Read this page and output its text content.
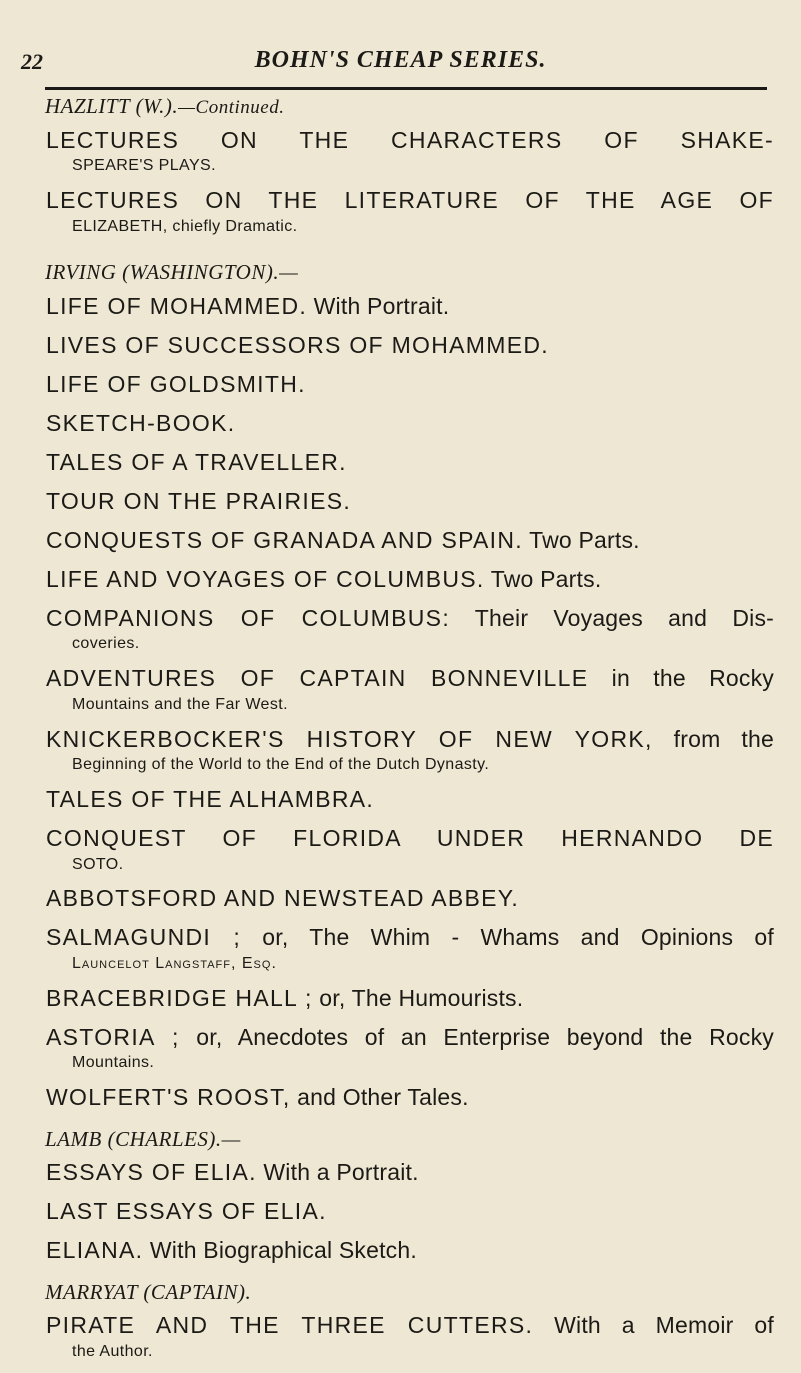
22	BOHN'S CHEAP SERIES.
HAZLITT (W.).—Continued.
LECTURES ON THE CHARACTERS OF SHAKE-
SPEARE'S PLAYS.
LECTURES ON THE LITERATURE OF THE AGE OF
ELIZABETH, chiefly Dramatic.
IRVING (WASHINGTON).—
LIFE OF MOHAMMED. With Portrait.
LIVES OF SUCCESSORS OF MOHAMMED.
LIFE OF GOLDSMITH.
SKETCH-BOOK.
TALES OF A TRAVELLER.
TOUR ON THE PRAIRIES.
CONQUESTS OF GRANADA AND SPAIN. Two Parts.
LIFE AND VOYAGES OF COLUMBUS. Two Parts.
COMPANIONS OF COLUMBUS: Their Voyages and Dis-
coveries.
ADVENTURES OF CAPTAIN BONNEVILLE in the Rocky
Mountains and the Far West.
KNICKERBOCKER'S HISTORY OF NEW YORK, from the
Beginning of the World to the End of the Dutch Dynasty.
TALES OF THE ALHAMBRA.
CONQUEST OF FLORIDA UNDER HERNANDO DE
SOTO.
ABBOTSFORD AND NEWSTEAD ABBEY.
SALMAGUNDI ; or, The Whim - Whams and Opinions of
Launcelot Langstaff, Esq.
BRACEBRIDGE HALL ; or, The Humourists.
ASTORIA ; or, Anecdotes of an Enterprise beyond the Rocky
Mountains.
WOLFERT'S ROOST, and Other Tales.
LAMB (CHARLES).—
ESSAYS OF ELIA. With a Portrait.
LAST ESSAYS OF ELIA.
ELIANA. With Biographical Sketch.
MARRYAT (CAPTAIN).
PIRATE AND THE THREE CUTTERS. With a Memoir of
the Author.
